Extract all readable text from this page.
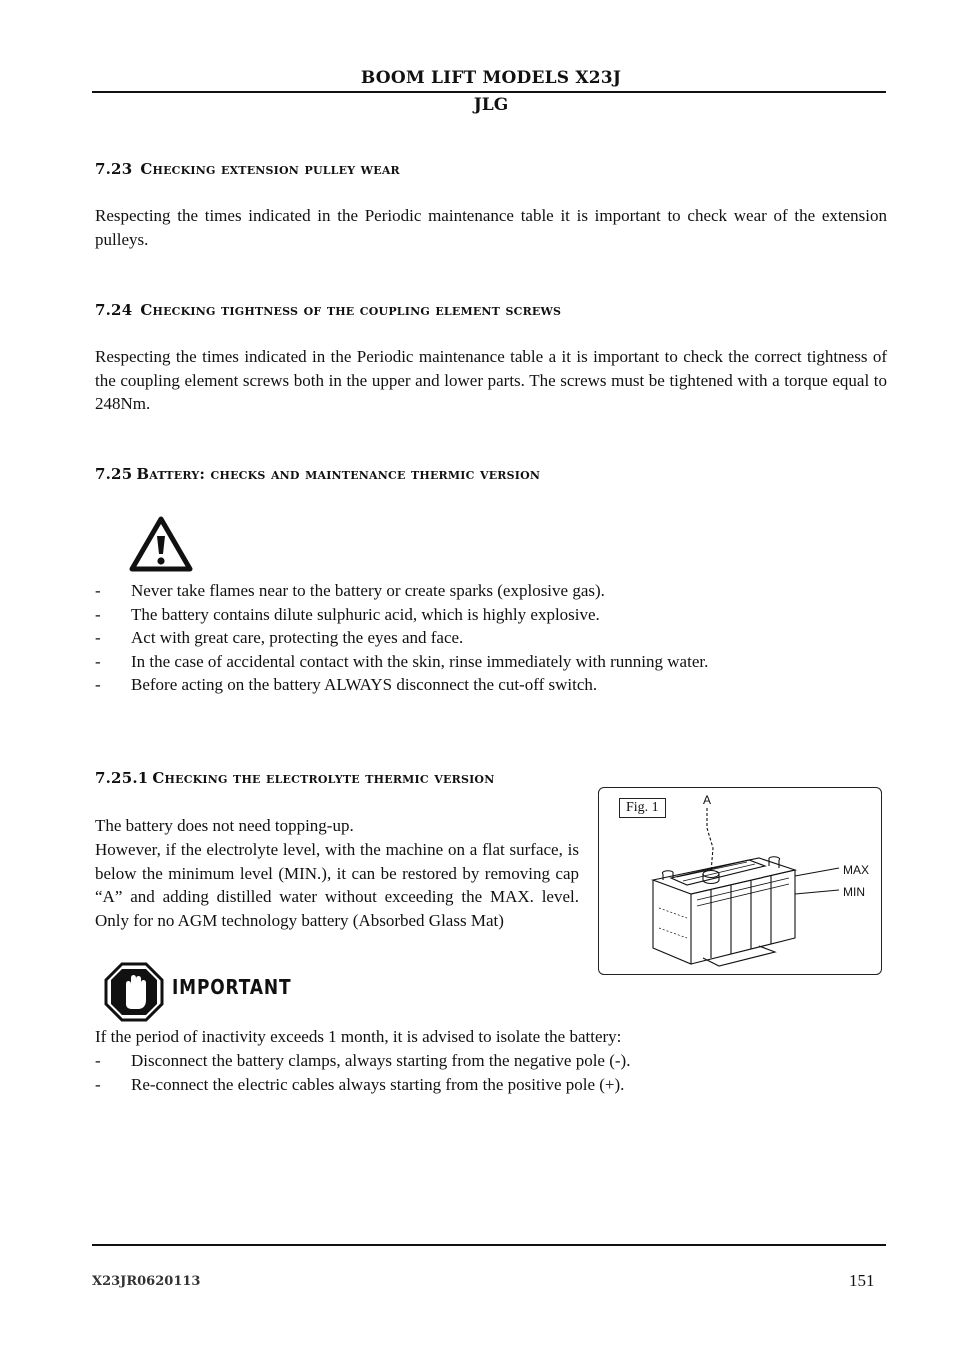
BOOM LIFT MODELS X23J
JLG
7.23 Checking extension pulley wear
Respecting the times indicated in the Periodic maintenance table it is important to check wear of the extension pulleys.
7.24 Checking tightness of the coupling element screws
Respecting the times indicated in the Periodic maintenance table a it is important to check the correct tightness of the coupling element screws both in the upper and lower parts. The screws must be tightened with a torque equal to 248Nm.
7.25 Battery: checks and maintenance thermic version
- Never take flames near to the battery or create sparks (explosive gas).
- The battery contains dilute sulphuric acid, which is highly explosive.
- Act with great care, protecting the eyes and face.
- In the case of accidental contact with the skin, rinse immediately with running water.
- Before acting on the battery ALWAYS disconnect the cut-off switch.
7.25.1 Checking the electrolyte thermic version
The battery does not need topping-up.
However, if the electrolyte level, with the machine on a flat surface, is below the minimum level (MIN.), it can be restored by removing cap “A” and adding distilled water without exceeding the MAX. level. Only for no AGM technology battery (Absorbed Glass Mat)
Fig. 1	A
MAX
MIN
IMPORTANT
If the period of inactivity exceeds 1 month, it is advised to isolate the battery:
- Disconnect the battery clamps, always starting from the negative pole (-).
- Re-connect the electric cables always starting from the positive pole (+).
X23JR0620113	151
